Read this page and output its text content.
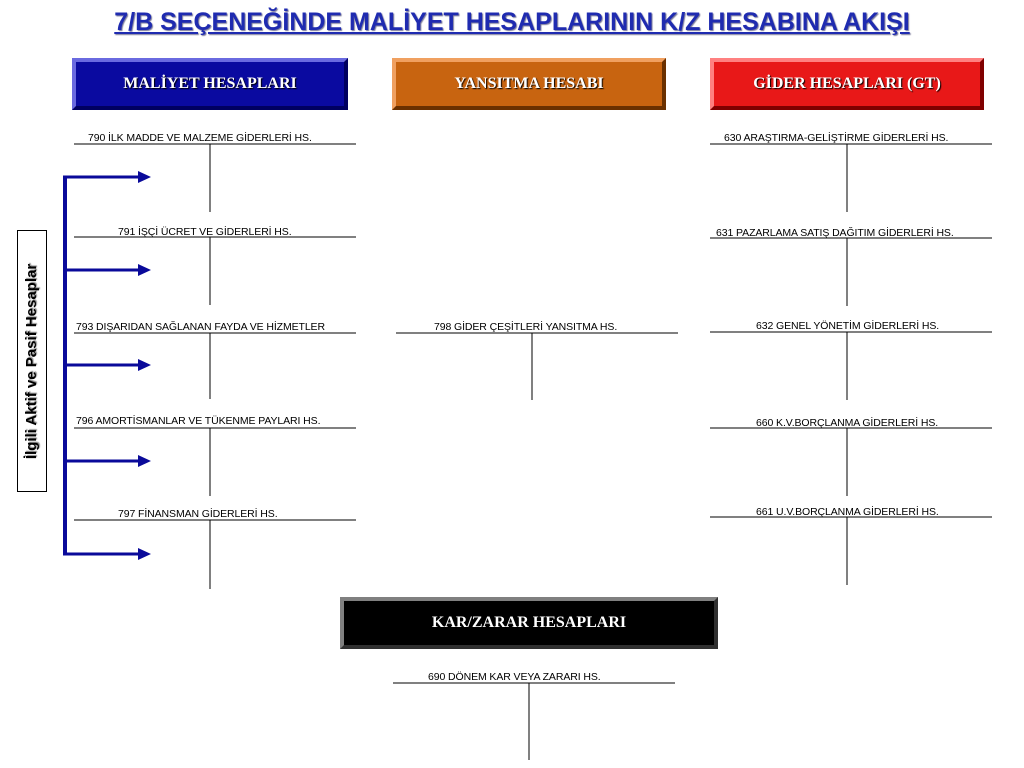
7/B SEÇENEĞİNDE MALİYET HESAPLARININ K/Z HESABINA AKIŞI
MALİYET HESAPLARI	YANSITMA HESABI	GİDER HESAPLARI (GT)
KAR/ZARAR HESAPLARI
İlgili Aktif ve Pasif Hesaplar
790 İLK MADDE VE MALZEME GİDERLERİ HS.
791 İŞÇİ ÜCRET VE GİDERLERİ HS.
793 DIŞARIDAN SAĞLANAN FAYDA VE HİZMETLER
796 AMORTİSMANLAR VE TÜKENME PAYLARI HS.
797 FİNANSMAN GİDERLERİ HS.
798 GİDER ÇEŞİTLERİ YANSITMA HS.
630 ARAŞTIRMA-GELİŞTİRME GİDERLERİ HS.
631 PAZARLAMA SATIŞ DAĞITIM GİDERLERİ HS.
632 GENEL YÖNETİM GİDERLERİ HS.
660 K.V.BORÇLANMA GİDERLERİ HS.
661 U.V.BORÇLANMA GİDERLERİ HS.
690 DÖNEM KAR VEYA ZARARI HS.
